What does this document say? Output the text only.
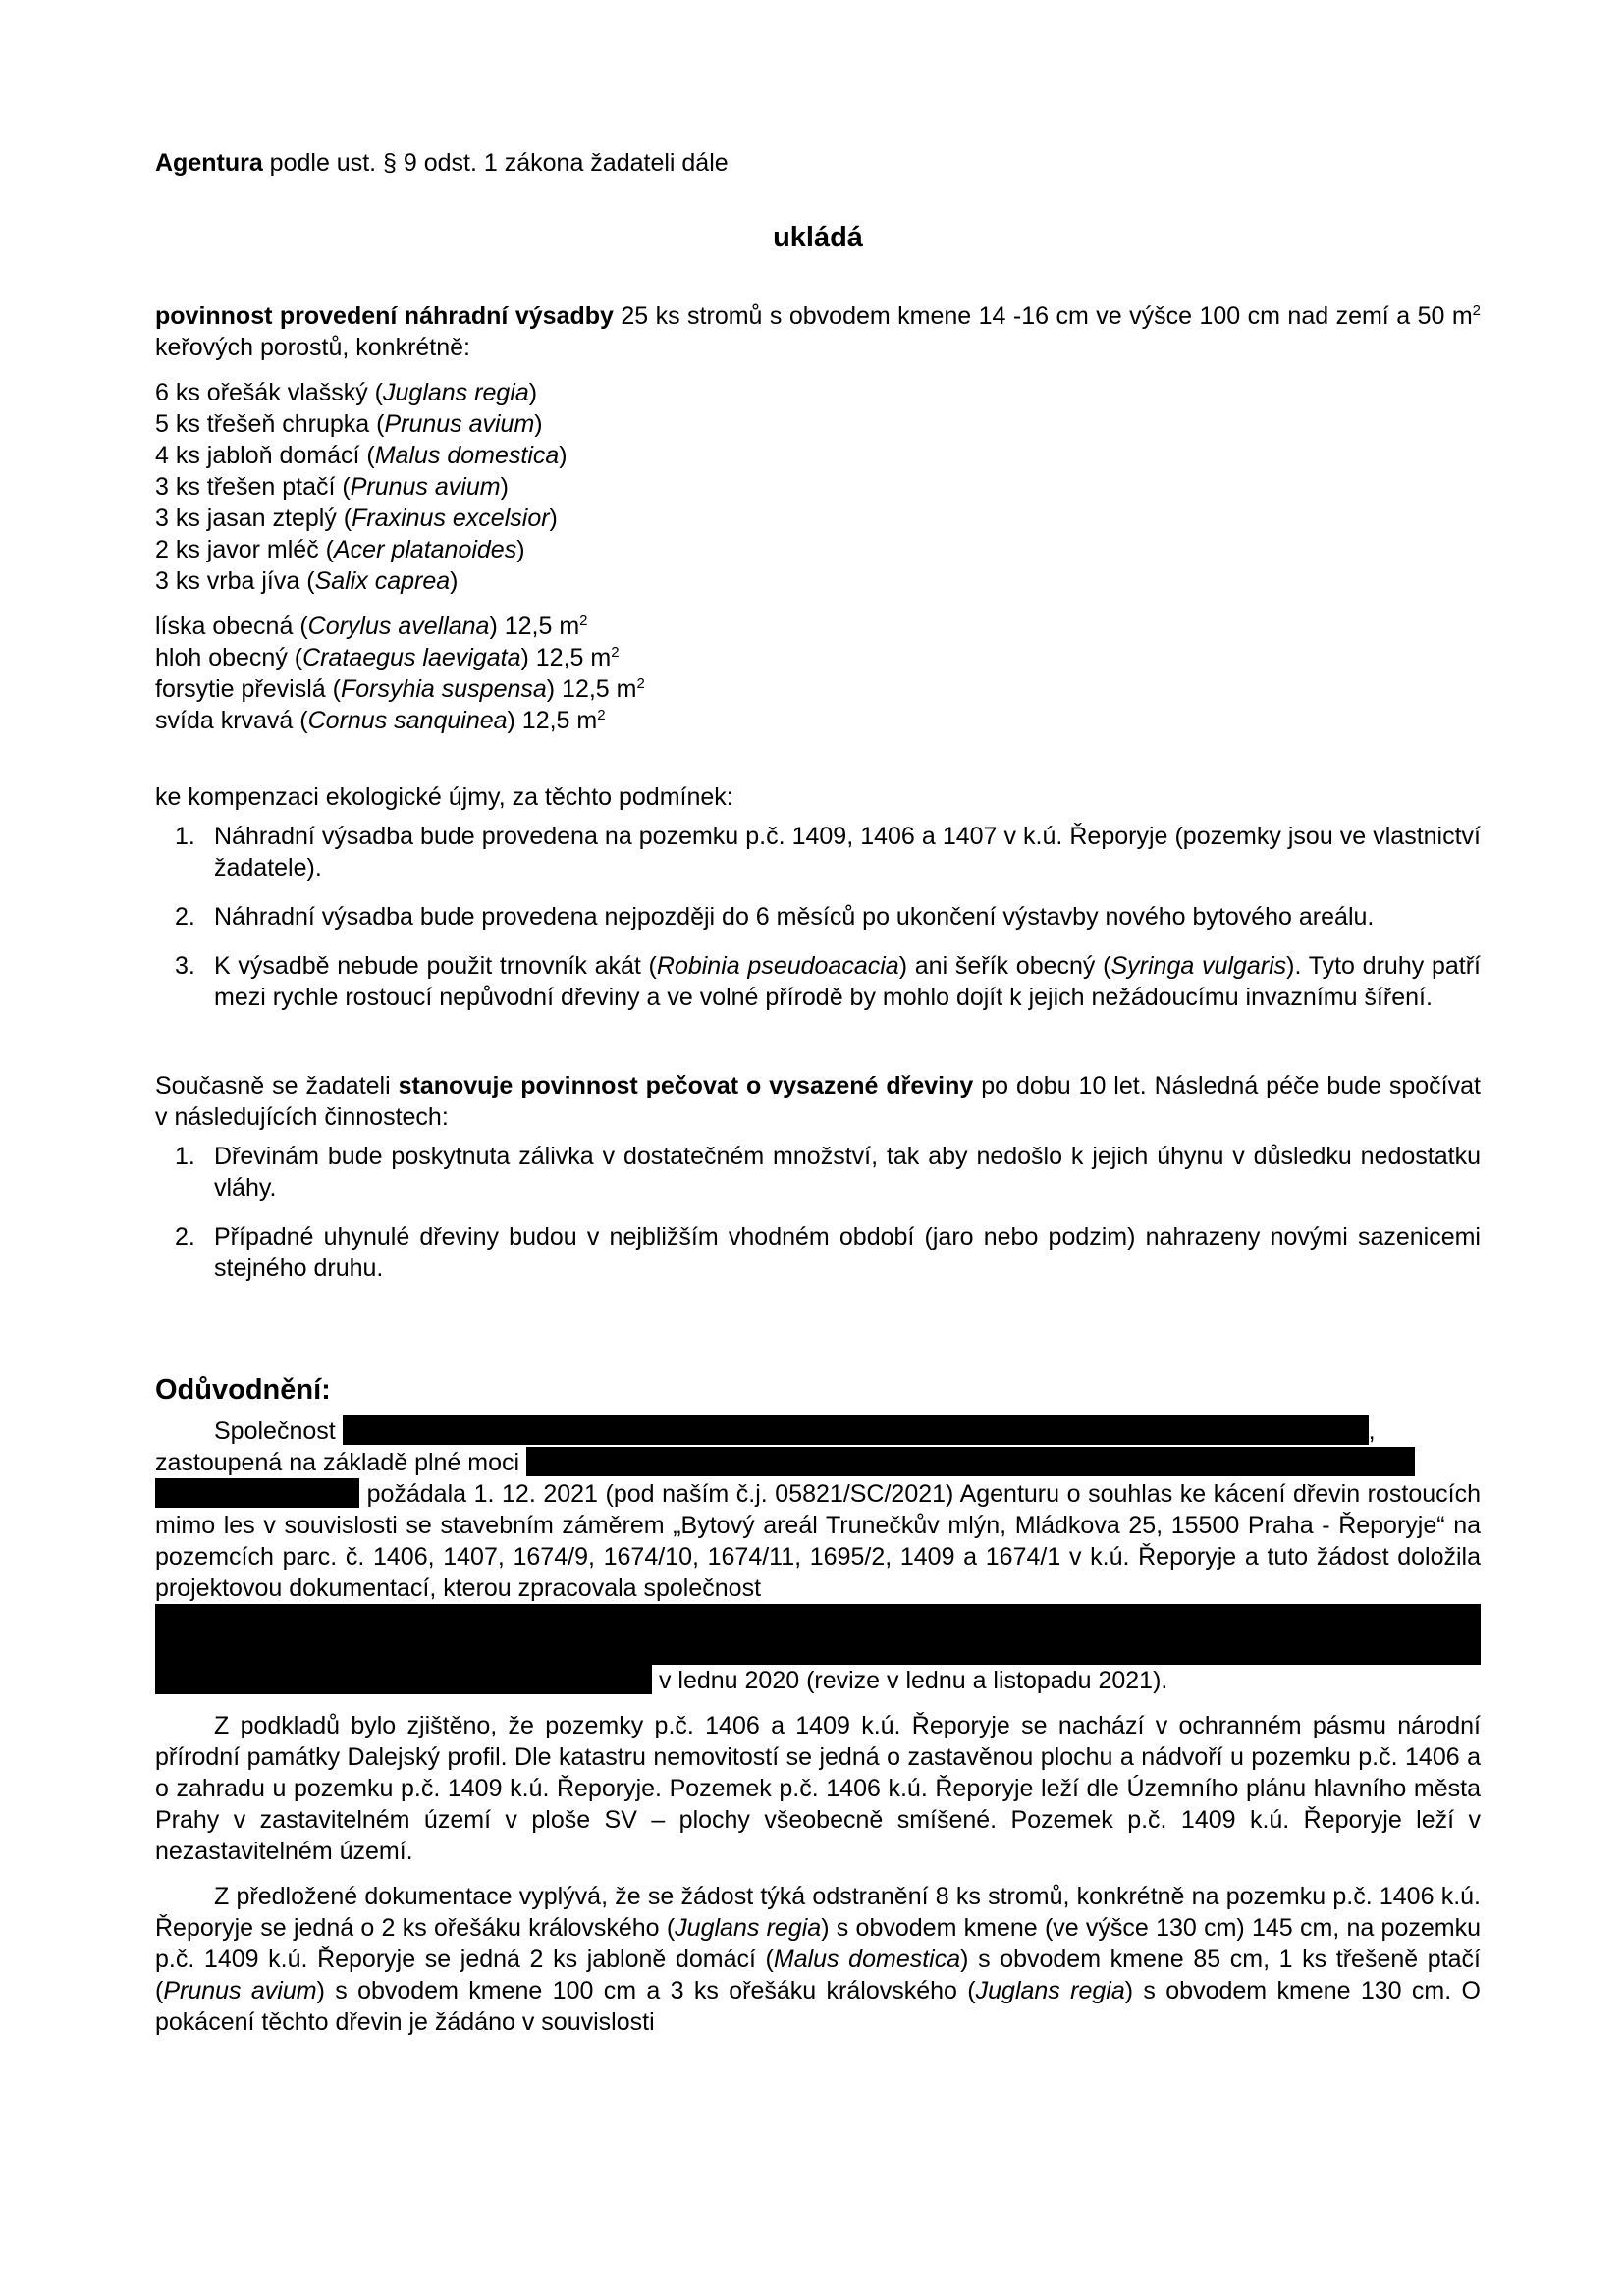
Agentura podle ust. § 9 odst. 1 zákona žadateli dále

ukládá

povinnost provedení náhradní výsadby 25 ks stromů s obvodem kmene 14 -16 cm ve výšce 100 cm nad zemí a 50 $m^2$ keřových porostů, konkrétně:

6 ks ořešák vlašský (Juglans regia)
5 ks třešeň chrupka (Prunus avium)
4 ks jabloň domácí (Malus domestica)
3 ks třešen ptačí (Prunus avium)
3 ks jasan zteplý (Fraxinus excelsior)
2 ks javor mléč (Acer platanoides)
3 ks vrba jíva (Salix caprea)
líska obecná (Corylus avellana) 12,5 $m^2$
hloh obecný (Crataegus laevigata) 12,5 $m^2$
forsytie převislá (Forsyhia suspensa) 12,5 $m^2$
svída krvavá (Cornus sanquinea) 12,5 $m^2$

ke kompenzaci ekologické újmy, za těchto podmínek:

1. Náhradní výsadba bude provedena na pozemku p.č. 1409, 1406 a 1407 v k.ú. Řeporyje (pozemky jsou ve vlastnictví žadatele).
2. Náhradní výsadba bude provedena nejpozději do 6 měsíců po ukončení výstavby nového bytového areálu.
3. K výsadbě nebude použit trnovník akát (Robinia pseudoacacia) ani šeřík obecný (Syringa vulgaris). Tyto druhy patří mezi rychle rostoucí nepůvodní dřeviny a ve volné přírodě by mohlo dojít k jejich nežádoucímu invaznímu šíření.

Současně se žadateli stanovuje povinnost pečovat o vysazené dřeviny po dobu 10 let. Následná péče bude spočívat v následujících činnostech:

1. Dřevinám bude poskytnuta zálivka v dostatečném množství, tak aby nedošlo k jejich úhynu v důsledku nedostatku vláhy.
2. Případné uhynulé dřeviny budou v nejbližším vhodném období (jaro nebo podzim) nahrazeny novými sazenicemi stejného druhu.

Odůvodnění:

Společnost	,
zastoupená na základě plné moci
požádala 1. 12. 2021 (pod naším č.j. 05821/SC/2021) Agenturu o souhlas ke kácení dřevin rostoucích mimo les v souvislosti se stavebním záměrem „Bytový areál Trunečkův mlýn, Mládkova 25, 15500 Praha - Řeporyje“ na pozemcích parc. č. 1406, 1407, 1674/9, 1674/10, 1674/11, 1695/2, 1409 a 1674/1 v k.ú. Řeporyje a tuto žádost doložila projektovou dokumentací, kterou zpracovala společnost

v lednu 2020 (revize v lednu a listopadu 2021).

Z podkladů bylo zjištěno, že pozemky p.č. 1406 a 1409 k.ú. Řeporyje se nachází v ochranném pásmu národní přírodní památky Dalejský profil. Dle katastru nemovitostí se jedná o zastavěnou plochu a nádvoří u pozemku p.č. 1406 a o zahradu u pozemku p.č. 1409 k.ú. Řeporyje. Pozemek p.č. 1406 k.ú. Řeporyje leží dle Územního plánu hlavního města Prahy v zastavitelném území v ploše SV – plochy všeobecně smíšené. Pozemek p.č. 1409 k.ú. Řeporyje leží v nezastavitelném území.

Z předložené dokumentace vyplývá, že se žádost týká odstranění 8 ks stromů, konkrétně na pozemku p.č. 1406 k.ú. Řeporyje se jedná o 2 ks ořešáku královského (Juglans regia) s obvodem kmene (ve výšce 130 cm) 145 cm, na pozemku p.č. 1409 k.ú. Řeporyje se jedná 2 ks jabloně domácí (Malus domestica) s obvodem kmene 85 cm, 1 ks třešeně ptačí (Prunus avium) s obvodem kmene 100 cm a 3 ks ořešáku královského (Juglans regia) s obvodem kmene 130 cm. O pokácení těchto dřevin je žádáno v souvislosti
